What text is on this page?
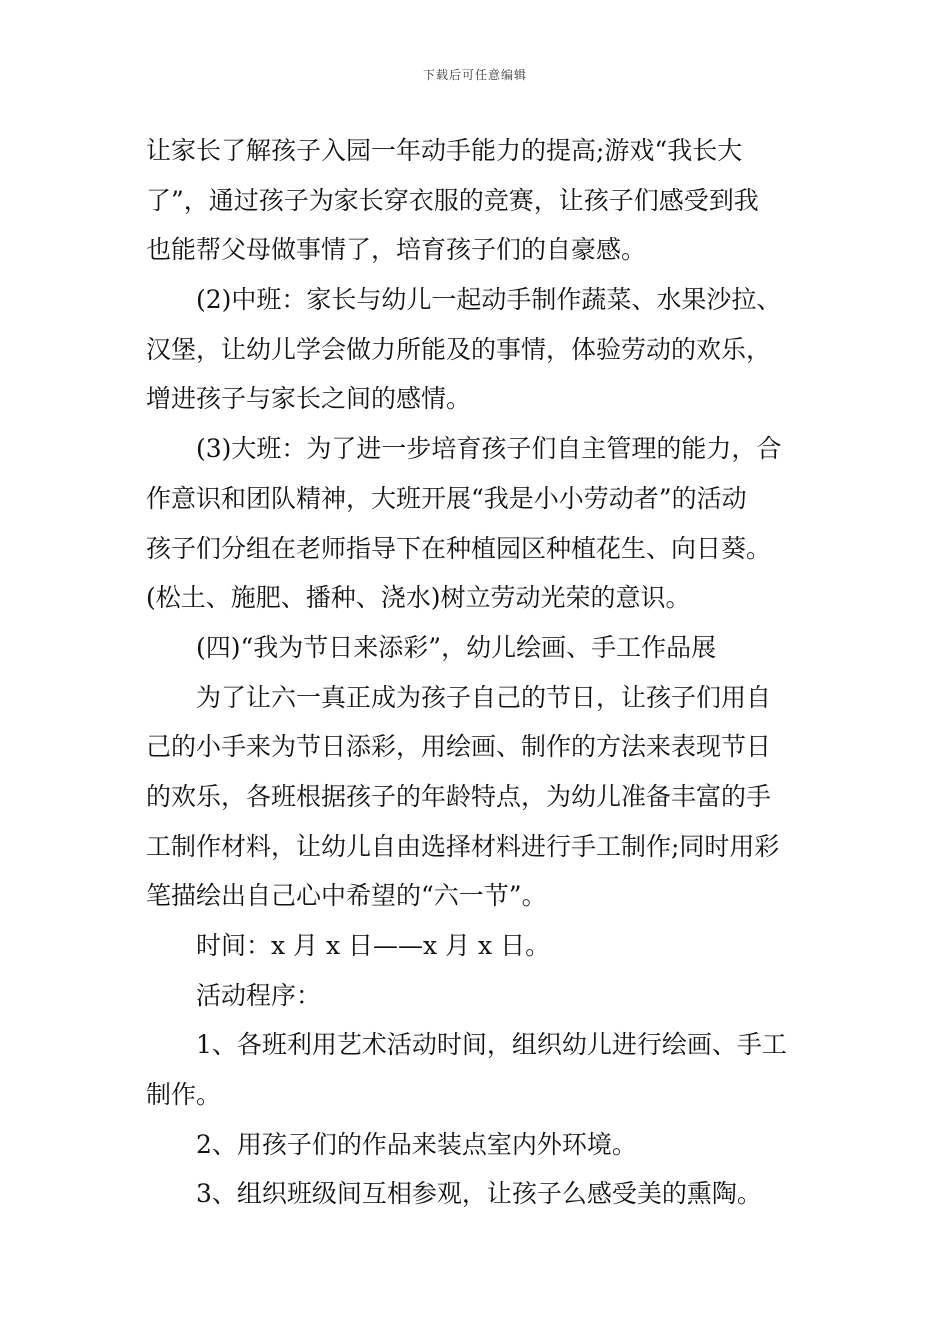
下载后可任意编辑
让家长了解孩子入园一年动手能力的提高;游戏“我长大
了”，通过孩子为家长穿衣服的竞赛，让孩子们感受到我
也能帮父母做事情了，培育孩子们的自豪感。
(2)中班：家长与幼儿一起动手制作蔬菜、水果沙拉、
汉堡，让幼儿学会做力所能及的事情，体验劳动的欢乐，
增进孩子与家长之间的感情。
(3)大班：为了进一步培育孩子们自主管理的能力，合
作意识和团队精神，大班开展“我是小小劳动者”的活动
孩子们分组在老师指导下在种植园区种植花生、向日葵。
(松土、施肥、播种、浇水)树立劳动光荣的意识。
(四)“我为节日来添彩”，幼儿绘画、手工作品展
为了让六一真正成为孩子自己的节日，让孩子们用自
己的小手来为节日添彩，用绘画、制作的方法来表现节日
的欢乐，各班根据孩子的年龄特点，为幼儿准备丰富的手
工制作材料，让幼儿自由选择材料进行手工制作;同时用彩
笔描绘出自己心中希望的“六一节”。
时间：x 月 x 日——x 月 x 日。
活动程序：
1、各班利用艺术活动时间，组织幼儿进行绘画、手工
制作。
2、用孩子们的作品来装点室内外环境。
3、组织班级间互相参观，让孩子么感受美的熏陶。
